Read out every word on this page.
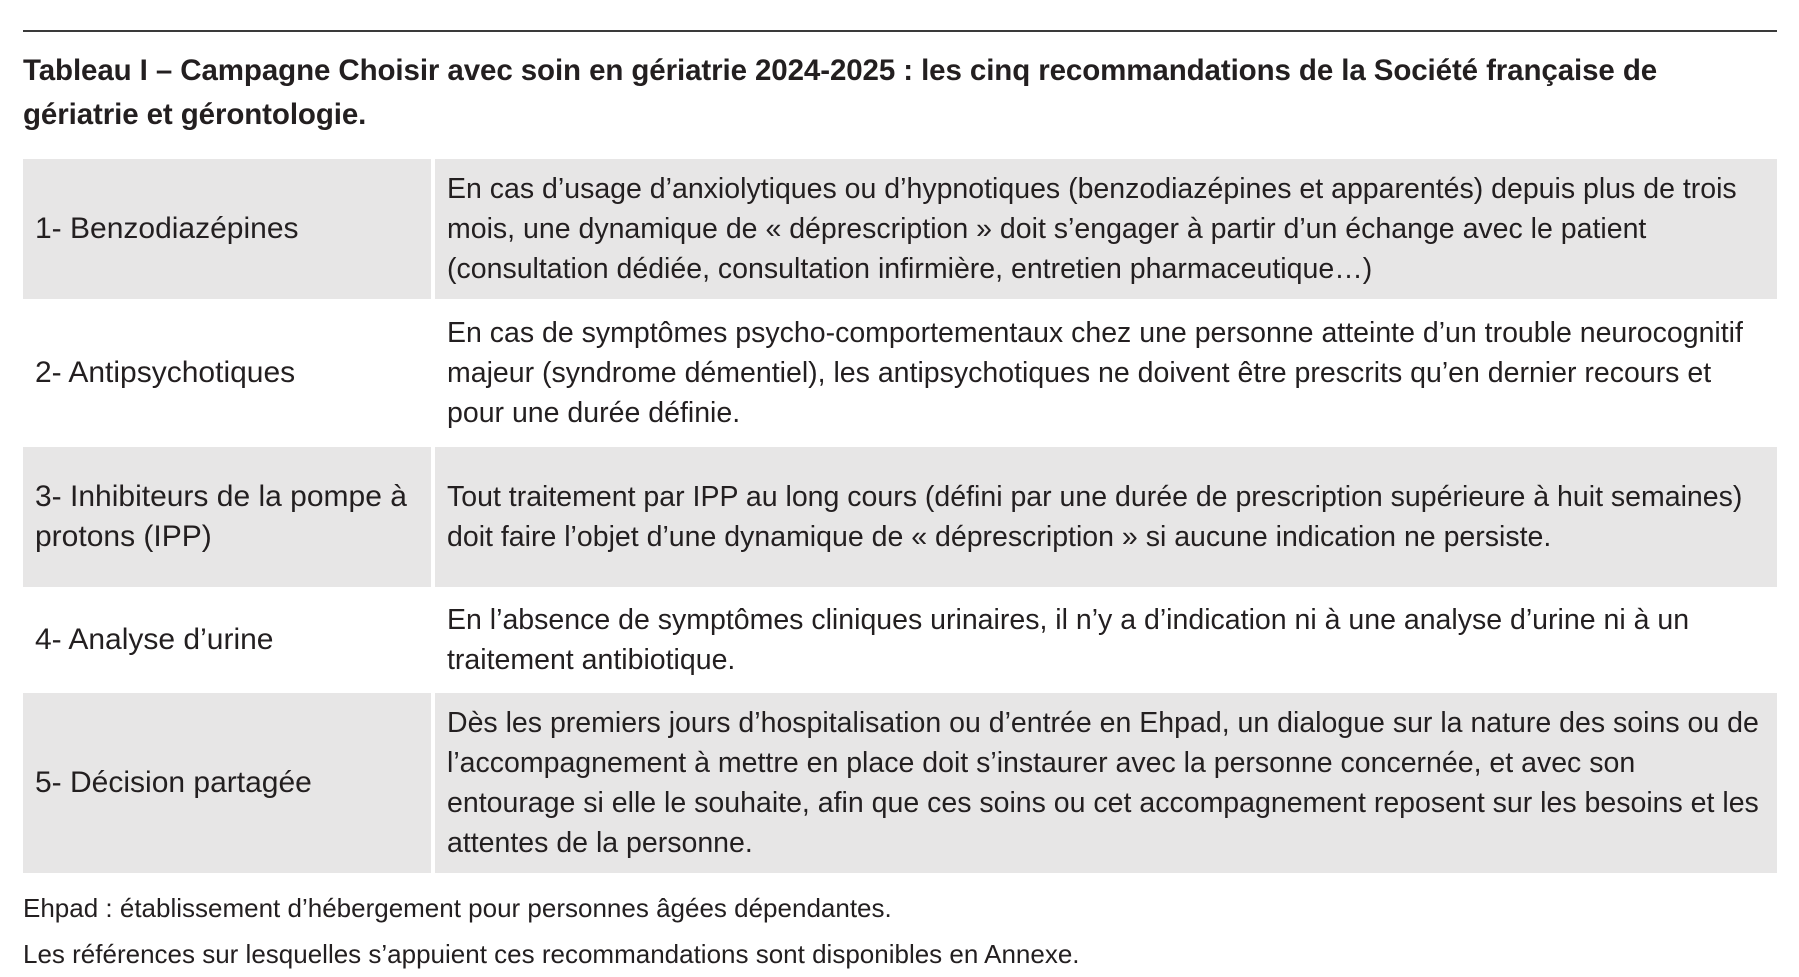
Tableau I – Campagne Choisir avec soin en gériatrie 2024-2025 : les cinq recommandations de la Société française de gériatrie et gérontologie.
1- Benzodiazépines	En cas d’usage d’anxiolytiques ou d’hypnotiques (benzodiazépines et apparentés) depuis plus de trois mois, une dynamique de « déprescription » doit s’engager à partir d’un échange avec le patient (consultation dédiée, consultation infirmière, entretien pharmaceutique…)
2- Antipsychotiques	En cas de symptômes psycho-comportementaux chez une personne atteinte d’un trouble neurocognitif majeur (syndrome démentiel), les antipsychotiques ne doivent être prescrits qu’en dernier recours et pour une durée définie.
3- Inhibiteurs de la pompe à protons (IPP)	Tout traitement par IPP au long cours (défini par une durée de prescription supérieure à huit semaines) doit faire l’objet d’une dynamique de « déprescription » si aucune indication ne persiste.
4- Analyse d’urine	En l’absence de symptômes cliniques urinaires, il n’y a d’indication ni à une analyse d’urine ni à un traitement antibiotique.
5- Décision partagée	Dès les premiers jours d’hospitalisation ou d’entrée en Ehpad, un dialogue sur la nature des soins ou de l’accompagnement à mettre en place doit s’instaurer avec la personne concernée, et avec son entourage si elle le souhaite, afin que ces soins ou cet accompagnement reposent sur les besoins et les attentes de la personne.

Ehpad : établissement d’hébergement pour personnes âgées dépendantes.

Les références sur lesquelles s’appuient ces recommandations sont disponibles en Annexe.
